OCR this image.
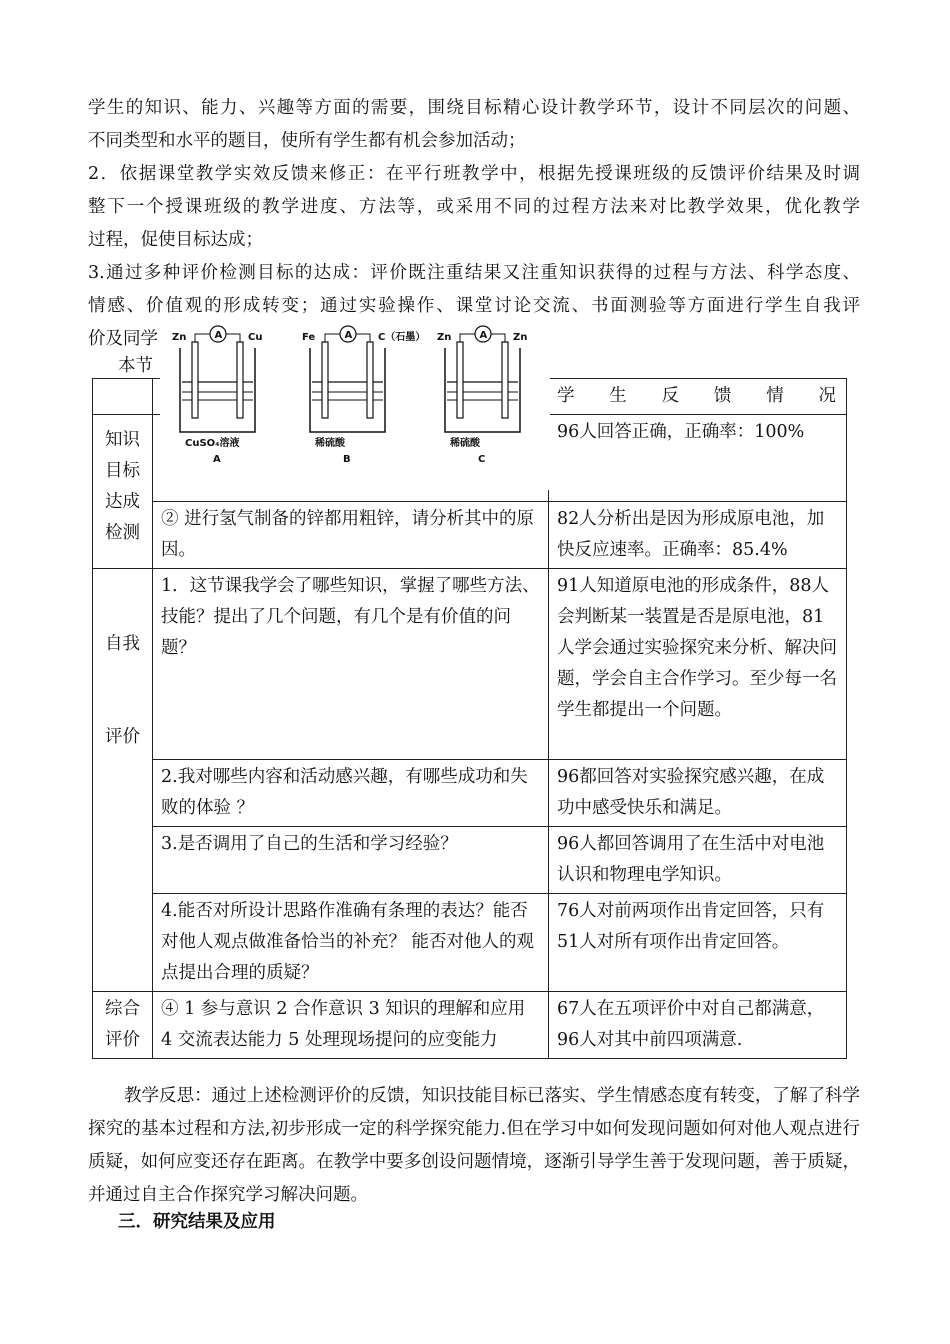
学生的知识、能力、兴趣等方面的需要，围绕目标精心设计教学环节，设计不同层次的问题、
不同类型和水平的题目，使所有学生都有机会参加活动；
2．依据课堂教学实效反馈来修正：在平行班教学中，根据先授课班级的反馈评价结果及时调
整下一个授课班级的教学进度、方法等，或采用不同的过程方法来对比教学效果，优化教学
过程，促使目标达成；
3.通过多种评价检测目标的达成：评价既注重结果又注重知识获得的过程与方法、科学态度、
情感、价值观的形成转变；通过实验操作、课堂讨论交流、书面测验等方面进行学生自我评
价及同学
本节
		学 生 反 馈 情 况

知识目标达成检测		96人回答正确，正确率：100%
	② 进行氢气制备的锌都用粗锌，请分析其中的原因。	82人分析出是因为形成原电池，加快反应速率。正确率：85.4%

自我
评价	1．这节课我学会了哪些知识，掌握了哪些方法、技能？提出了几个问题，有几个是有价值的问题？	91人知道原电池的形成条件，88人会判断某一装置是否是原电池，81人学会通过实验探究来分析、解决问题，学会自主合作学习。至少每一名学生都提出一个问题。
	2.我对哪些内容和活动感兴趣，有哪些成功和失败的体验 ？	96都回答对实验探究感兴趣，在成功中感受快乐和满足。
	3.是否调用了自己的生活和学习经验？	96人都回答调用了在生活中对电池认识和物理电学知识。
	4.能否对所设计思路作准确有条理的表达？能否对他人观点做准备恰当的补充？ 能否对他人的观点提出合理的质疑？	76人对前两项作出肯定回答，只有51人对所有项作出肯定回答。

综合评价	④ 1 参与意识 2 合作意识 3 知识的理解和应用 4 交流表达能力 5 处理现场提问的应变能力	67人在五项评价中对自己都满意，96人对其中前四项满意.
A
Zn	Cu
CuSO₄溶液
A
A
Fe	C（石墨）
稀硫酸
B
A
Zn	Zn
稀硫酸
C
教学反思：通过上述检测评价的反馈，知识技能目标已落实、学生情感态度有转变，了解了科学探究的基本过程和方法,初步形成一定的科学探究能力.但在学习中如何发现问题如何对他人观点进行质疑，如何应变还存在距离。在教学中要多创设问题情境，逐渐引导学生善于发现问题，善于质疑，并通过自主合作探究学习解决问题。
三．研究结果及应用
